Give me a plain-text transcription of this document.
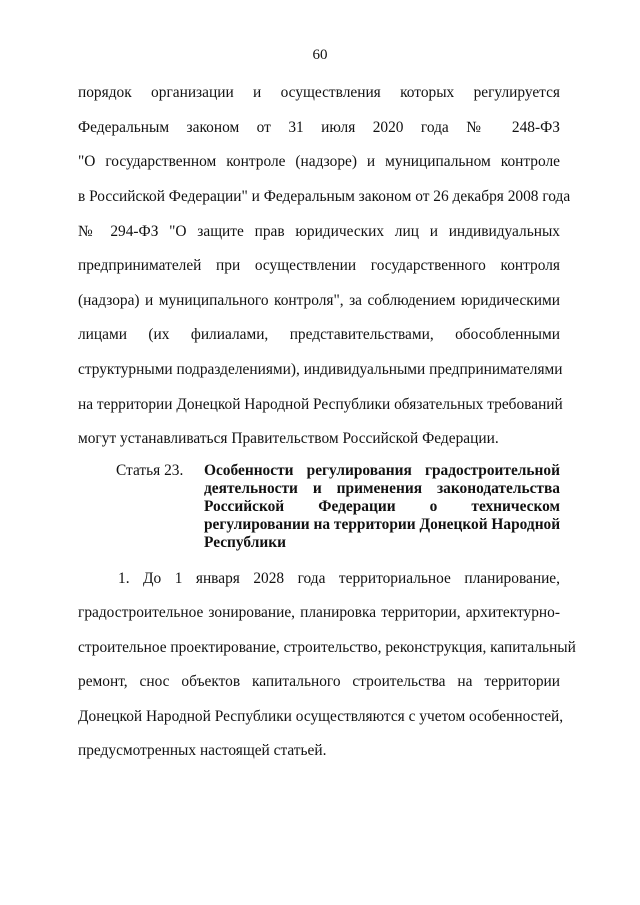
60
порядок организации и осуществления которых регулируется
Федеральным законом от 31 июля 2020 года № 248-ФЗ
"О государственном контроле (надзоре) и муниципальном контроле
в Российской Федерации" и Федеральным законом от 26 декабря 2008 года
№ 294-ФЗ "О защите прав юридических лиц и индивидуальных
предпринимателей при осуществлении государственного контроля
(надзора) и муниципального контроля", за соблюдением юридическими
лицами (их филиалами, представительствами, обособленными
структурными подразделениями), индивидуальными предпринимателями
на территории Донецкой Народной Республики обязательных требований
могут устанавливаться Правительством Российской Федерации.
Статья 23. Особенности регулирования градостроительной
деятельности и применения законодательства
Российской Федерации о техническом
регулировании на территории Донецкой Народной
Республики
1. До 1 января 2028 года территориальное планирование,
градостроительное зонирование, планировка территории, архитектурно-
строительное проектирование, строительство, реконструкция, капитальный
ремонт, снос объектов капитального строительства на территории
Донецкой Народной Республики осуществляются с учетом особенностей,
предусмотренных настоящей статьей.
